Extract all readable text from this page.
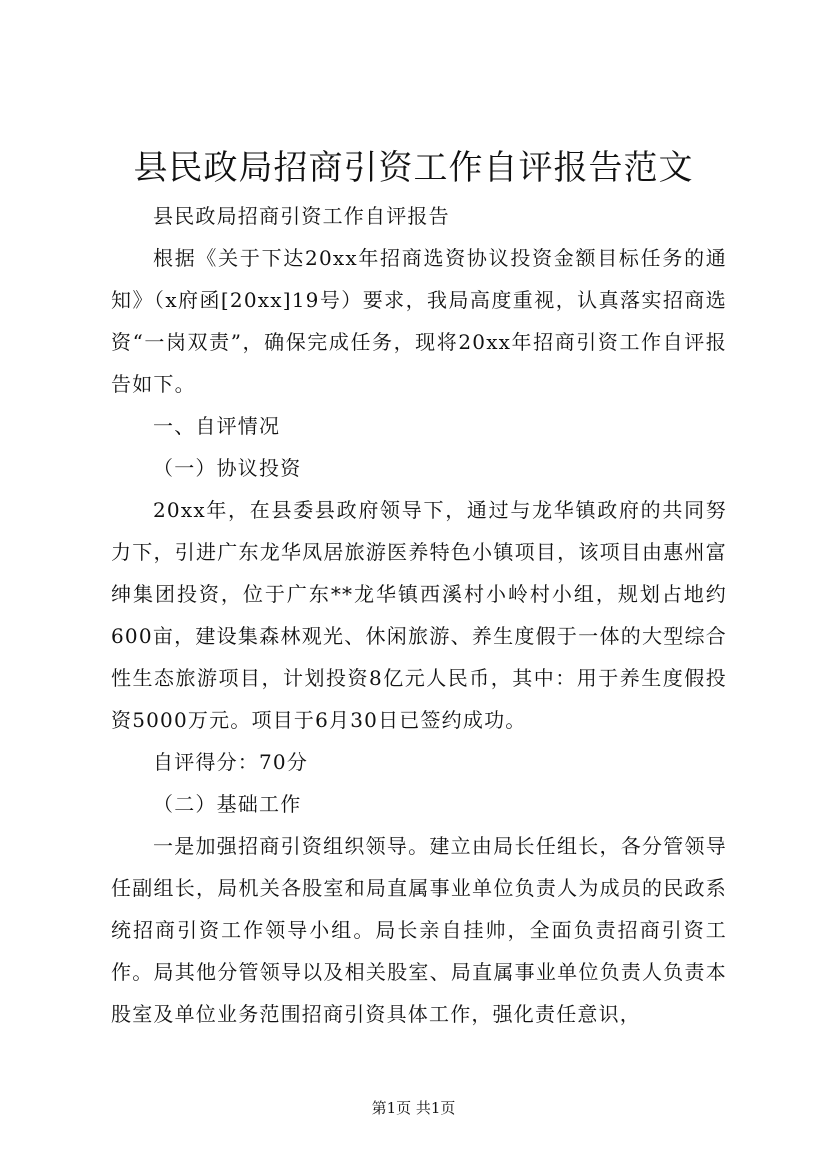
县民政局招商引资工作自评报告范文

县民政局招商引资工作自评报告

根据《关于下达20xx年招商选资协议投资金额目标任务的通知》（x府函[20xx]19号）要求，我局高度重视，认真落实招商选资“一岗双责”，确保完成任务，现将20xx年招商引资工作自评报告如下。

一、自评情况

（一）协议投资

20xx年，在县委县政府领导下，通过与龙华镇政府的共同努力下，引进广东龙华凤居旅游医养特色小镇项目，该项目由惠州富绅集团投资，位于广东**龙华镇西溪村小岭村小组，规划占地约600亩，建设集森林观光、休闲旅游、养生度假于一体的大型综合性生态旅游项目，计划投资8亿元人民币，其中：用于养生度假投资5000万元。项目于6月30日已签约成功。

自评得分：70分

（二）基础工作

一是加强招商引资组织领导。建立由局长任组长，各分管领导任副组长，局机关各股室和局直属事业单位负责人为成员的民政系统招商引资工作领导小组。局长亲自挂帅，全面负责招商引资工作。局其他分管领导以及相关股室、局直属事业单位负责人负责本股室及单位业务范围招商引资具体工作，强化责任意识，

第1页 共1页
